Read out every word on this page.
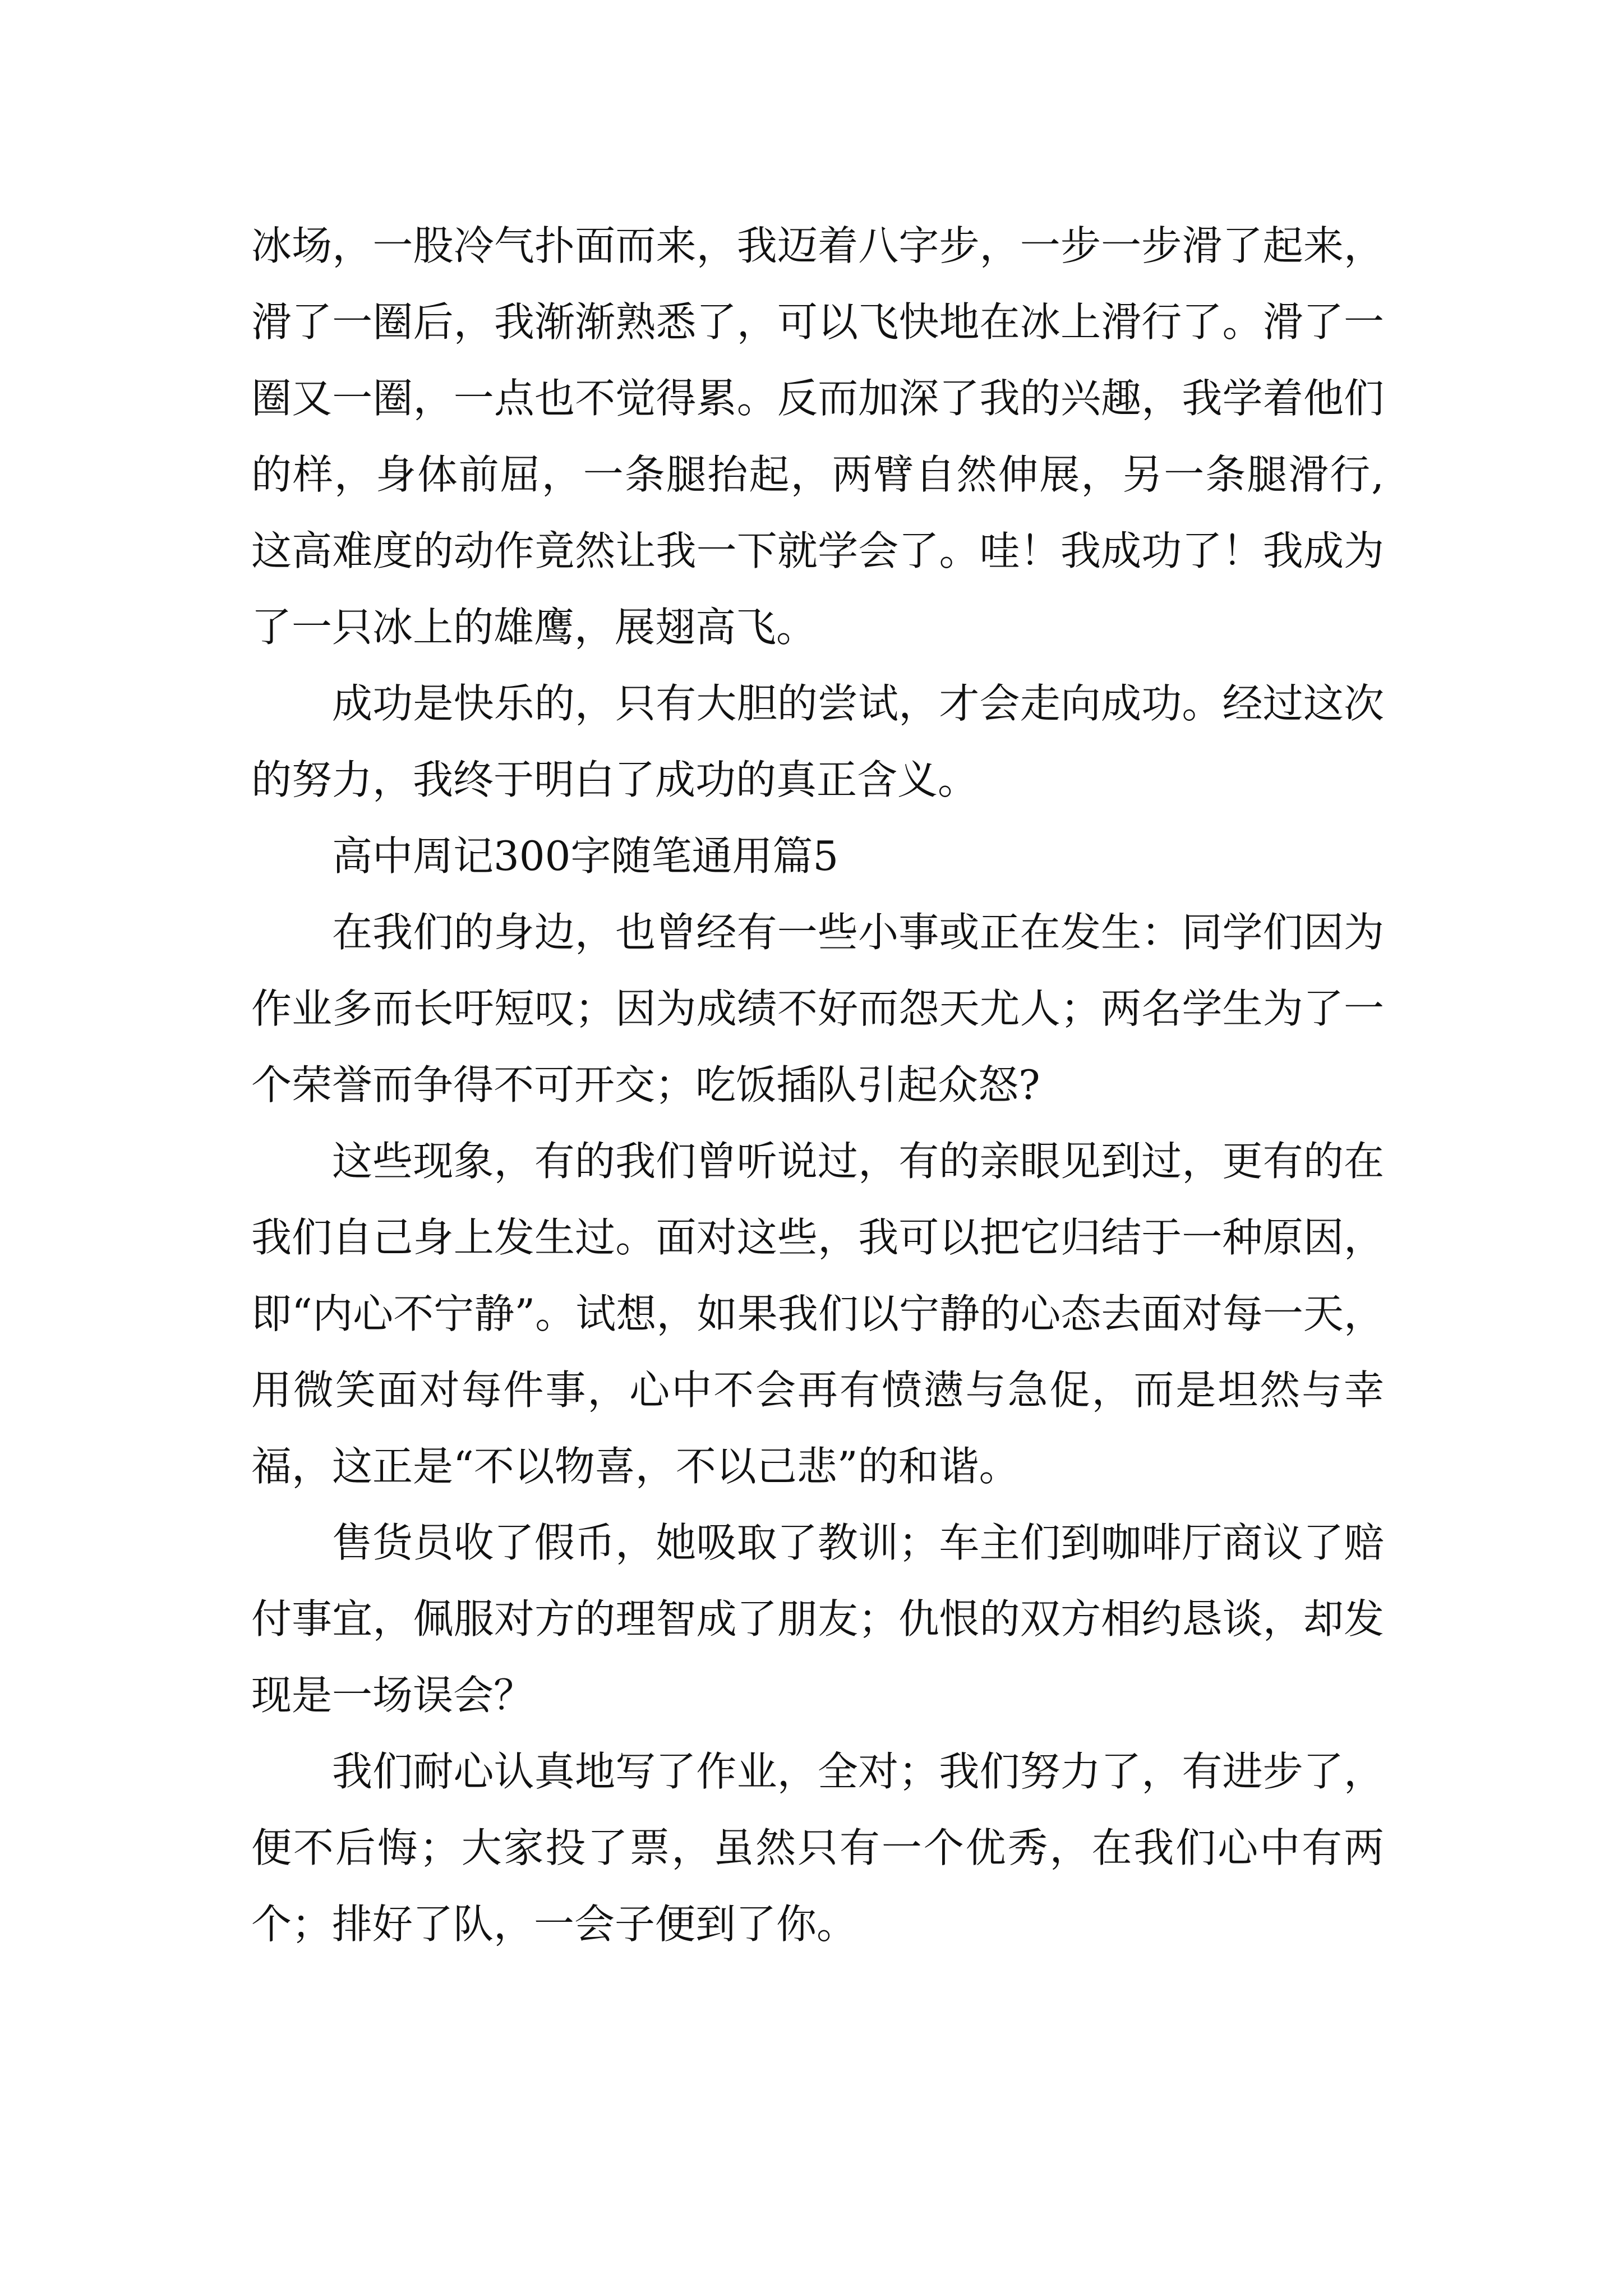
冰场，一股冷气扑面而来，我迈着八字步，一步一步滑了起来，滑了一圈后，我渐渐熟悉了，可以飞快地在冰上滑行了。滑了一圈又一圈，一点也不觉得累。反而加深了我的兴趣，我学着他们的样，身体前屈，一条腿抬起，两臂自然伸展，另一条腿滑行,这高难度的动作竟然让我一下就学会了。哇！我成功了！我成为了一只冰上的雄鹰，展翅高飞。

成功是快乐的，只有大胆的尝试，才会走向成功。经过这次的努力，我终于明白了成功的真正含义。

高中周记300字随笔通用篇5

在我们的身边，也曾经有一些小事或正在发生：同学们因为作业多而长吁短叹；因为成绩不好而怨天尤人；两名学生为了一个荣誉而争得不可开交；吃饭插队引起众怒?

这些现象，有的我们曾听说过，有的亲眼见到过，更有的在我们自己身上发生过。面对这些，我可以把它归结于一种原因，即“内心不宁静”。试想，如果我们以宁静的心态去面对每一天，用微笑面对每件事，心中不会再有愤懑与急促，而是坦然与幸福，这正是“不以物喜，不以己悲”的和谐。

售货员收了假币，她吸取了教训；车主们到咖啡厅商议了赔付事宜，佩服对方的理智成了朋友；仇恨的双方相约恳谈，却发现是一场误会？

我们耐心认真地写了作业，全对；我们努力了，有进步了，便不后悔；大家投了票，虽然只有一个优秀，在我们心中有两个；排好了队，一会子便到了你。
